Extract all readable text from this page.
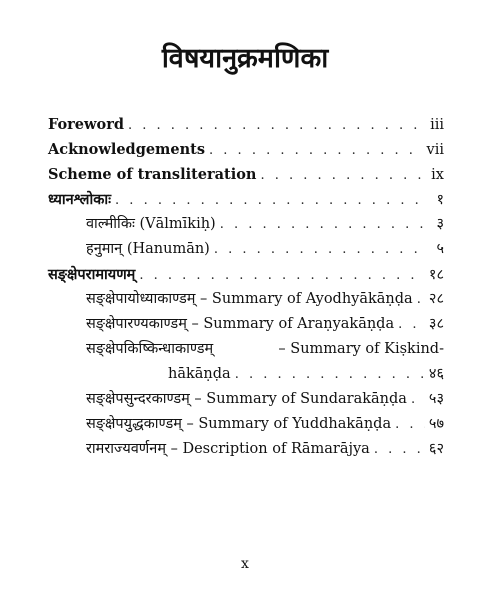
विषयानुक्रमणिका
Foreword . . .	iii
Acknowledgements . . .	vii
Scheme of transliteration . . .	ix
ध्यानश्लोकाः . . .	१
वाल्मीकिः (Vālmīkiḥ) . . .	३
हनुमान् (Hanumān) . . .	५
सङ्क्षेपरामायणम् . . .	१८
सङ्क्षेपायोध्याकाण्डम् – Summary of Ayodhyākāṇḍa . . . २८
सङ्क्षेपारण्यकाण्डम् – Summary of Araṇyakāṇḍa . . . ३८
सङ्क्षेपकिष्किन्धाकाण्डम्	– Summary of Kiṣkind-
hākāṇḍa . . .	४६
सङ्क्षेपसुन्दरकाण्डम् – Summary of Sundarakāṇḍa . . . ५३
सङ्क्षेपयुद्धकाण्डम् – Summary of Yuddhakāṇḍa . . .	५७
रामराज्यवर्णनम् – Description of Rāmarājya . . .	६२
x
